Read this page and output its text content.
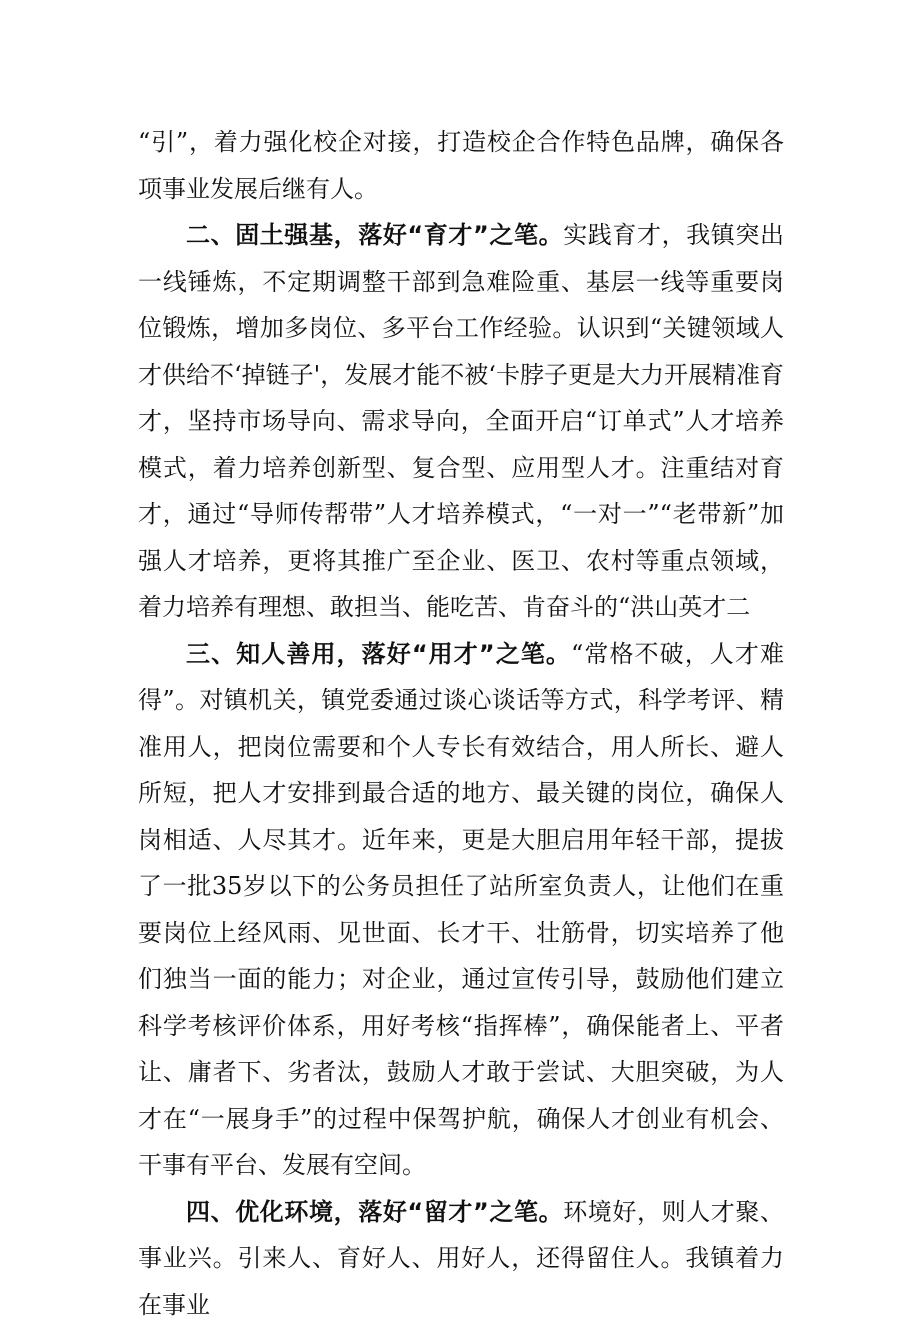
“引”，着力强化校企对接，打造校企合作特色品牌，确保各项事业发展后继有人。

二、固土强基，落好“育才”之笔。实践育才，我镇突出一线锤炼，不定期调整干部到急难险重、基层一线等重要岗位锻炼，增加多岗位、多平台工作经验。认识到“关键领域人才供给不‘掉链子'，发展才能不被‘卡脖子更是大力开展精准育才，坚持市场导向、需求导向，全面开启“订单式”人才培养模式，着力培养创新型、复合型、应用型人才。注重结对育才，通过“导师传帮带”人才培养模式，“一对一”“老带新”加强人才培养，更将其推广至企业、医卫、农村等重点领域，着力培养有理想、敢担当、能吃苦、肯奋斗的“洪山英才二

三、知人善用，落好“用才”之笔。“常格不破，人才难得”。对镇机关，镇党委通过谈心谈话等方式，科学考评、精准用人，把岗位需要和个人专长有效结合，用人所长、避人所短，把人才安排到最合适的地方、最关键的岗位，确保人岗相适、人尽其才。近年来，更是大胆启用年轻干部，提拔了一批35岁以下的公务员担任了站所室负责人，让他们在重要岗位上经风雨、见世面、长才干、壮筋骨，切实培养了他们独当一面的能力；对企业，通过宣传引导，鼓励他们建立科学考核评价体系，用好考核“指挥棒”，确保能者上、平者让、庸者下、劣者汰，鼓励人才敢于尝试、大胆突破，为人才在“一展身手”的过程中保驾护航，确保人才创业有机会、干事有平台、发展有空间。

四、优化环境，落好“留才”之笔。环境好，则人才聚、事业兴。引来人、育好人、用好人，还得留住人。我镇着力在事业
